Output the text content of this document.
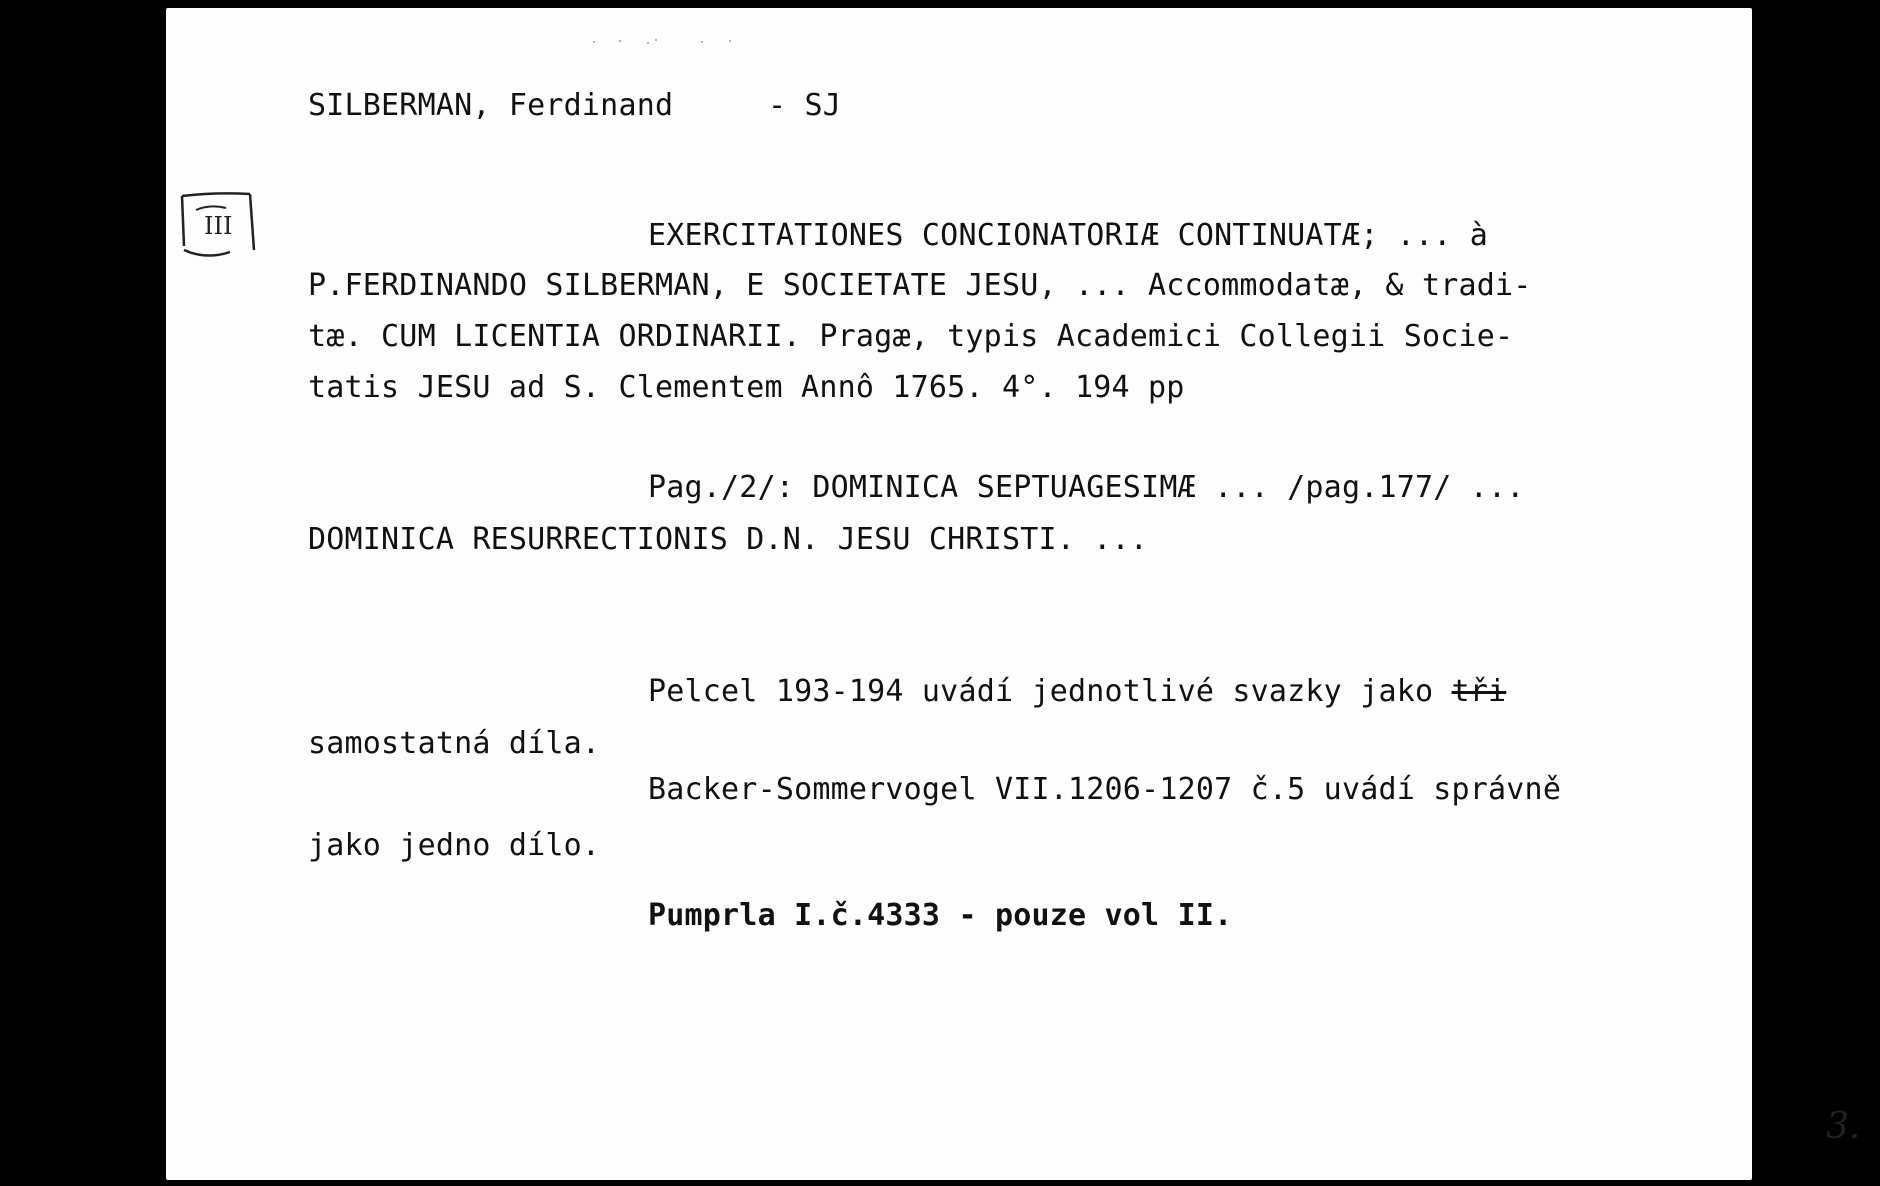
SILBERMAN, Ferdinand	- SJ
EXERCITATIONES CONCIONATORIÆ CONTINUATÆ; ... à
P.FERDINANDO SILBERMAN, E SOCIETATE JESU, ... Accommodatæ, & tradi-
tæ. CUM LICENTIA ORDINARII. Pragæ, typis Academici Collegii Socie-
tatis JESU ad S. Clementem Annô 1765. 4°. 194 pp
Pag./2/: DOMINICA SEPTUAGESIMÆ ... /pag.177/ ...
DOMINICA RESURRECTIONIS D.N. JESU CHRISTI. ...
Pelcel 193-194 uvádí jednotlivé svazky jako tři
samostatná díla.
Backer-Sommervogel VII.1206-1207 č.5 uvádí správně
jako jedno dílo.
Pumprla I.č.4333 - pouze vol II.
3.
III
